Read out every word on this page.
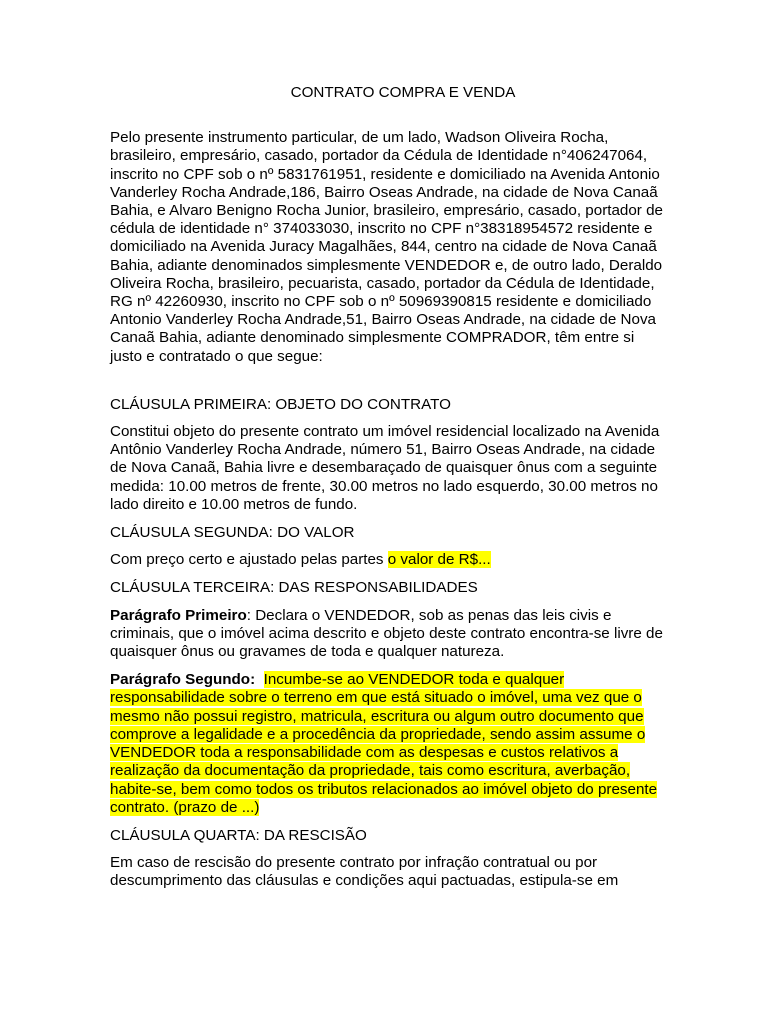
CONTRATO COMPRA E VENDA

Pelo presente instrumento particular, de um lado, Wadson Oliveira Rocha, brasileiro, empresário, casado, portador da Cédula de Identidade n°406247064, inscrito no CPF sob o nº 5831761951, residente e domiciliado na Avenida Antonio Vanderley Rocha Andrade,186, Bairro Oseas Andrade, na cidade de Nova Canaã Bahia, e Alvaro Benigno Rocha Junior, brasileiro, empresário, casado, portador de cédula de identidade n° 374033030, inscrito no CPF n°38318954572 residente e domiciliado na Avenida Juracy Magalhães, 844, centro na cidade de Nova Canaã Bahia, adiante denominados simplesmente VENDEDOR e, de outro lado, Deraldo Oliveira Rocha, brasileiro, pecuarista, casado, portador da Cédula de Identidade, RG nº 42260930, inscrito no CPF sob o nº 50969390815 residente e domiciliado Antonio Vanderley Rocha Andrade,51, Bairro Oseas Andrade, na cidade de Nova Canaã Bahia, adiante denominado simplesmente COMPRADOR, têm entre si justo e contratado o que segue:

CLÁUSULA PRIMEIRA: OBJETO DO CONTRATO

Constitui objeto do presente contrato um imóvel residencial localizado na Avenida Antônio Vanderley Rocha Andrade, número 51, Bairro Oseas Andrade, na cidade de Nova Canaã, Bahia livre e desembaraçado de quaisquer ônus com a seguinte medida: 10.00 metros de frente, 30.00 metros no lado esquerdo, 30.00 metros no lado direito e 10.00 metros de fundo.

CLÁUSULA SEGUNDA: DO VALOR

Com preço certo e ajustado pelas partes o valor de R$...

CLÁUSULA TERCEIRA: DAS RESPONSABILIDADES

Parágrafo Primeiro: Declara o VENDEDOR, sob as penas das leis civis e criminais, que o imóvel acima descrito e objeto deste contrato encontra-se livre de quaisquer ônus ou gravames de toda e qualquer natureza.

Parágrafo Segundo: Incumbe-se ao VENDEDOR toda e qualquer responsabilidade sobre o terreno em que está situado o imóvel, uma vez que o mesmo não possui registro, matricula, escritura ou algum outro documento que comprove a legalidade e a procedência da propriedade, sendo assim assume o VENDEDOR toda a responsabilidade com as despesas e custos relativos a realização da documentação da propriedade, tais como escritura, averbação, habite-se, bem como todos os tributos relacionados ao imóvel objeto do presente contrato. (prazo de ...)

CLÁUSULA QUARTA: DA RESCISÃO

Em caso de rescisão do presente contrato por infração contratual ou por descumprimento das cláusulas e condições aqui pactuadas, estipula-se em
